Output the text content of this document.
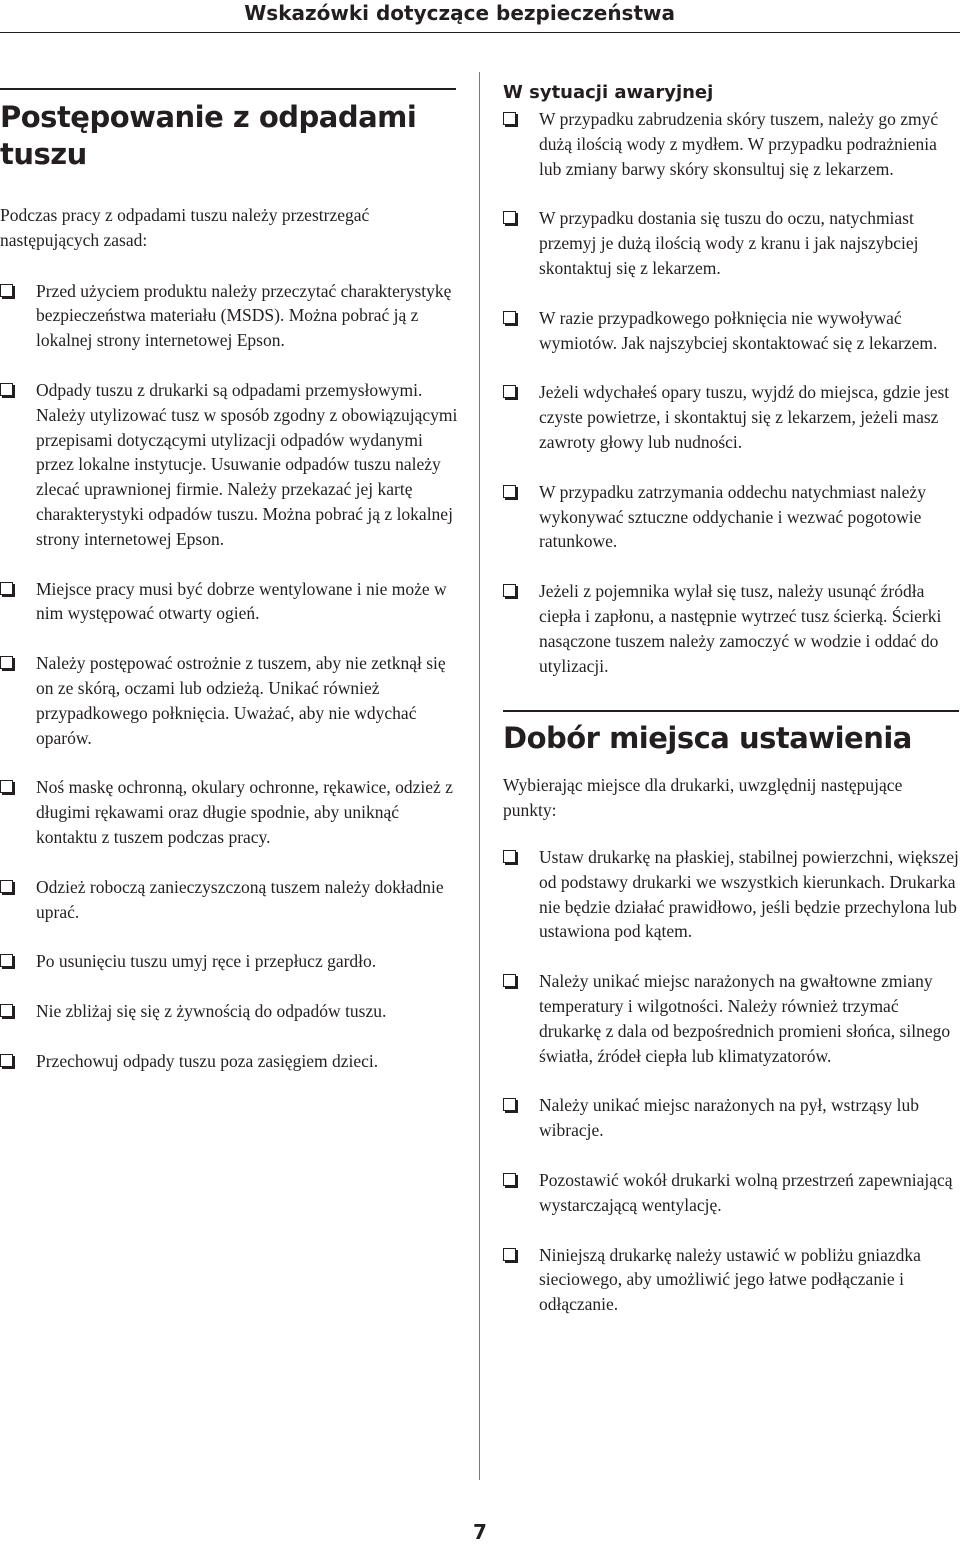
Wskazówki dotyczące bezpieczeństwa
Postępowanie z odpadami tuszu

Podczas pracy z odpadami tuszu należy przestrzegać następujących zasad:

Przed użyciem produktu należy przeczytać charakterystykę bezpieczeństwa materiału (MSDS). Można pobrać ją z lokalnej strony internetowej Epson.
Odpady tuszu z drukarki są odpadami przemysłowymi. Należy utylizować tusz w sposób zgodny z obowiązującymi przepisami dotyczącymi utylizacji odpadów wydanymi przez lokalne instytucje. Usuwanie odpadów tuszu należy zlecać uprawnionej firmie. Należy przekazać jej kartę charakterystyki odpadów tuszu. Można pobrać ją z lokalnej strony internetowej Epson.
Miejsce pracy musi być dobrze wentylowane i nie może w nim występować otwarty ogień.
Należy postępować ostrożnie z tuszem, aby nie zetknął się on ze skórą, oczami lub odzieżą. Unikać również przypadkowego połknięcia. Uważać, aby nie wdychać oparów.
Noś maskę ochronną, okulary ochronne, rękawice, odzież z długimi rękawami oraz długie spodnie, aby uniknąć kontaktu z tuszem podczas pracy.
Odzież roboczą zanieczyszczoną tuszem należy dokładnie uprać.
Po usunięciu tuszu umyj ręce i przepłucz gardło.
Nie zbliżaj się się z żywnością do odpadów tuszu.
Przechowuj odpady tuszu poza zasięgiem dzieci.
W sytuacji awaryjnej
W przypadku zabrudzenia skóry tuszem, należy go zmyć dużą ilością wody z mydłem. W przypadku podrażnienia lub zmiany barwy skóry skonsultuj się z lekarzem.
W przypadku dostania się tuszu do oczu, natychmiast przemyj je dużą ilością wody z kranu i jak najszybciej skontaktuj się z lekarzem.
W razie przypadkowego połknięcia nie wywoływać wymiotów. Jak najszybciej skontaktować się z lekarzem.
Jeżeli wdychałeś opary tuszu, wyjdź do miejsca, gdzie jest czyste powietrze, i skontaktuj się z lekarzem, jeżeli masz zawroty głowy lub nudności.
W przypadku zatrzymania oddechu natychmiast należy wykonywać sztuczne oddychanie i wezwać pogotowie ratunkowe.
Jeżeli z pojemnika wylał się tusz, należy usunąć źródła ciepła i zapłonu, a następnie wytrzeć tusz ścierką. Ścierki nasączone tuszem należy zamoczyć w wodzie i oddać do utylizacji.
Dobór miejsca ustawienia

Wybierając miejsce dla drukarki, uwzględnij następujące punkty:

Ustaw drukarkę na płaskiej, stabilnej powierzchni, większej od podstawy drukarki we wszystkich kierunkach. Drukarka nie będzie działać prawidłowo, jeśli będzie przechylona lub ustawiona pod kątem.
Należy unikać miejsc narażonych na gwałtowne zmiany temperatury i wilgotności. Należy również trzymać drukarkę z dala od bezpośrednich promieni słońca, silnego światła, źródeł ciepła lub klimatyzatorów.
Należy unikać miejsc narażonych na pył, wstrząsy lub wibracje.
Pozostawić wokół drukarki wolną przestrzeń zapewniającą wystarczającą wentylację.
Niniejszą drukarkę należy ustawić w pobliżu gniazdka sieciowego, aby umożliwić jego łatwe podłączanie i odłączanie.
7
